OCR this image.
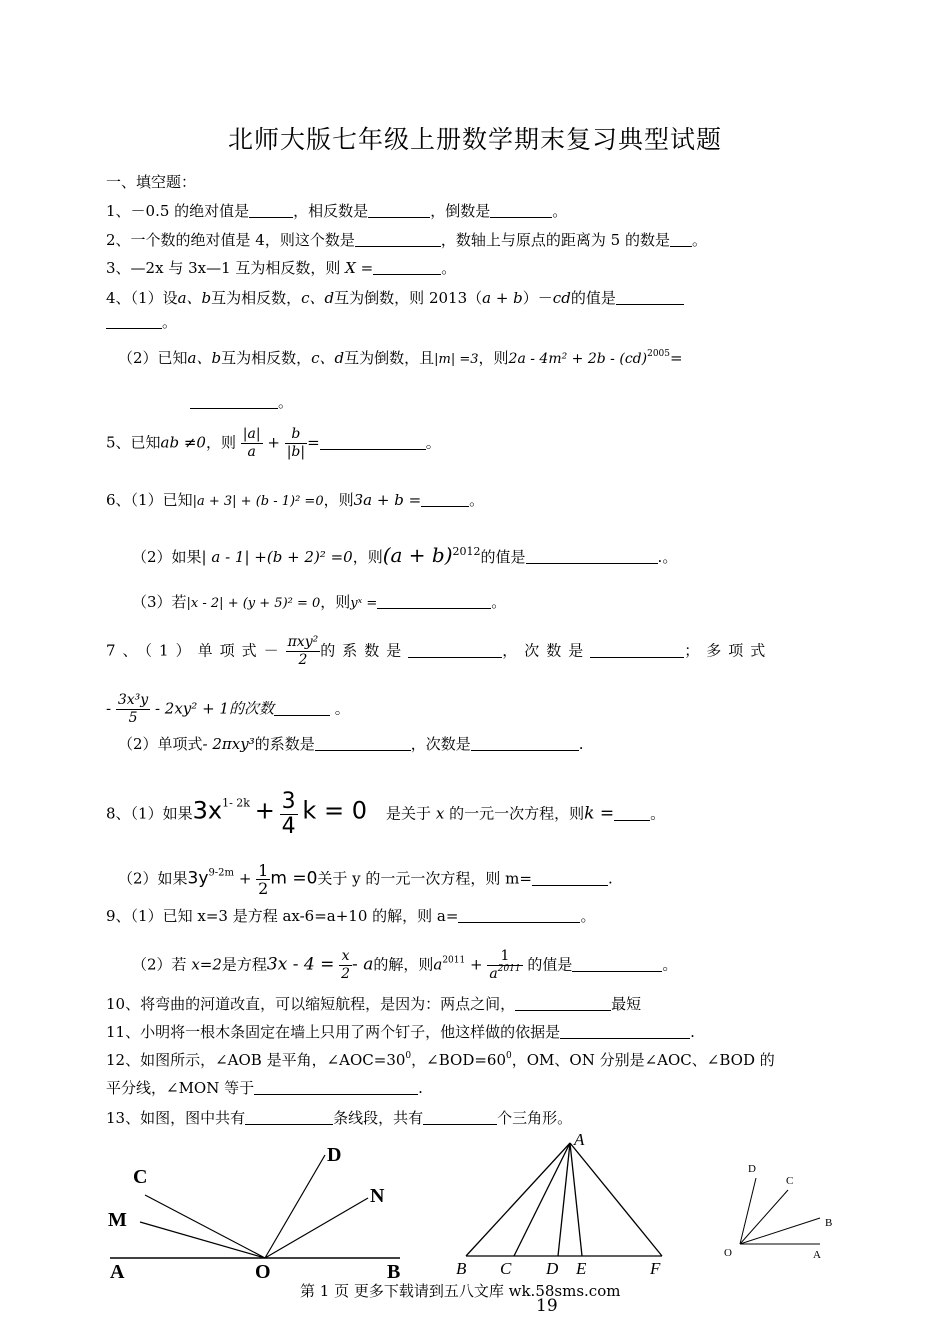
北师大版七年级上册数学期末复习典型试题
一、填空题：
1、－0.5 的绝对值是	，相反数是	，倒数是	。
2、一个数的绝对值是 4，则这个数是	，数轴上与原点的距离为 5 的数是 。
3、—2x 与 3x—1 互为相反数，则 X =	。
4、（1）设a、b互为相反数，c、d互为倒数，则 2013（a + b）－cd的值是
。
（2）已知a、b互为相反数，c、d互为倒数，且|m| =3，则2a - 4m² + 2b - (cd)$^{2005}$=
。
5、已知ab ≠0，则 $\frac{|a|}{a} + \frac{b}{|b|}$ =	。
6、（1）已知|a + 3| + (b - 1)² =0，则3a + b =	。
（2）如果| a - 1| +(b + 2)² =0，则$(a + b)^{2012}$的值是	.。
（3）若|x - 2| + (y + 5)² = 0，则yˣ =	。
7、（1）单项式－ $\frac{\text{πxy²}}{2}$ 的系数是	，次数是	；多项式
- $\frac{\text{3x³y}}{5} - 2xy^2 + 1$的次数	。
（2）单项式- 2πxy³的系数是	，次数是	.
8、（1）如果$3x^{1- 2k} + \frac{3}{4}$ k = 0 是关于 x 的一元一次方程，则k = 。
（2）如果$3y^{9-2m} + \frac{1}{2}$ m =0关于 y 的一元一次方程，则 m=	.
9、（1）已知 x=3 是方程 ax-6=a+10 的解，则 a=	。
（2）若 x=2是方程$3x - 4 = \frac{x}{2} - a$的解，则$a^{2011} + \frac{1}{a^{2011}}$ 的值是	。
10、将弯曲的河道改直，可以缩短航程，是因为：两点之间，	最短
11、小明将一根木条固定在墙上只用了两个钉子，他这样做的依据是	.
12、如图所示，∠AOB 是平角，$\angle AOC=30^0$，$\angle BOD=60^0$，OM、ON 分别是∠AOC、∠BOD 的
平分线，∠MON 等于	.
13、如图，图中共有	条线段，共有	个三角形。
C
D
M
N
A	O	B
A
B C D E	F
D
C
B
O	A
第 1 页 更多下载请到五八文库 wk.58sms.com
19
